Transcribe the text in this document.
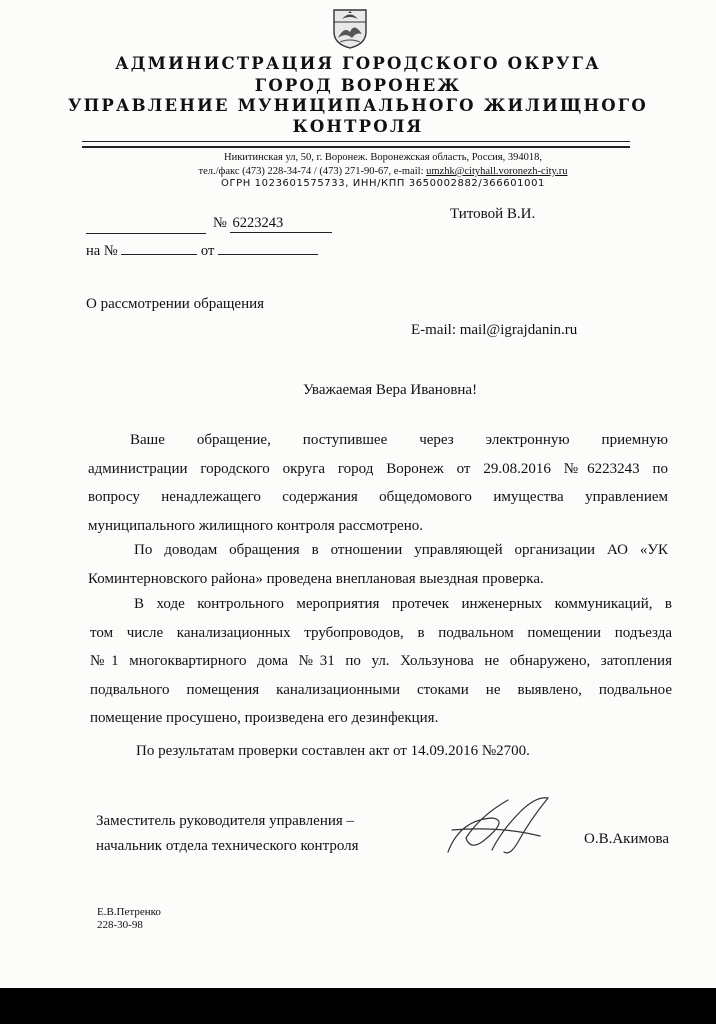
АДМИНИСТРАЦИЯ ГОРОДСКОГО ОКРУГА
ГОРОД ВОРОНЕЖ
УПРАВЛЕНИЕ МУНИЦИПАЛЬНОГО ЖИЛИЩНОГО
КОНТРОЛЯ
Никитинская ул, 50, г. Воронеж. Воронежская область, Россия, 394018,
тел./факс (473) 228-34-74 / (473) 271-90-67, e-mail: umzhk@cityhall.voronezh-city.ru
ОГРН 1023601575733, ИНН/КПП 3650002882/366601001
№ 6223243
на №	от
Титовой В.И.
О рассмотрении обращения
E-mail: mail@igrajdanin.ru
Уважаемая Вера Ивановна!
Ваше обращение, поступившее через электронную приемную
администрации городского округа город Воронеж от 29.08.2016 №6223243 по
вопросу ненадлежащего содержания общедомового имущества управлением
муниципального жилищного контроля рассмотрено.
По доводам обращения в отношении управляющей организации АО «УК
Коминтерновского района» проведена внеплановая выездная проверка.
В ходе контрольного мероприятия протечек инженерных коммуникаций, в
том числе канализационных трубопроводов, в подвальном помещении подъезда
№1 многоквартирного дома №31 по ул. Хользунова не обнаружено, затопления
подвального помещения канализационными стоками не выявлено, подвальное
помещение просушено, произведена его дезинфекция.
По результатам проверки составлен акт от 14.09.2016 №2700.
Заместитель руководителя управления –
начальник отдела технического контроля	О.В.Акимова
Е.В.Петренко
228-30-98
